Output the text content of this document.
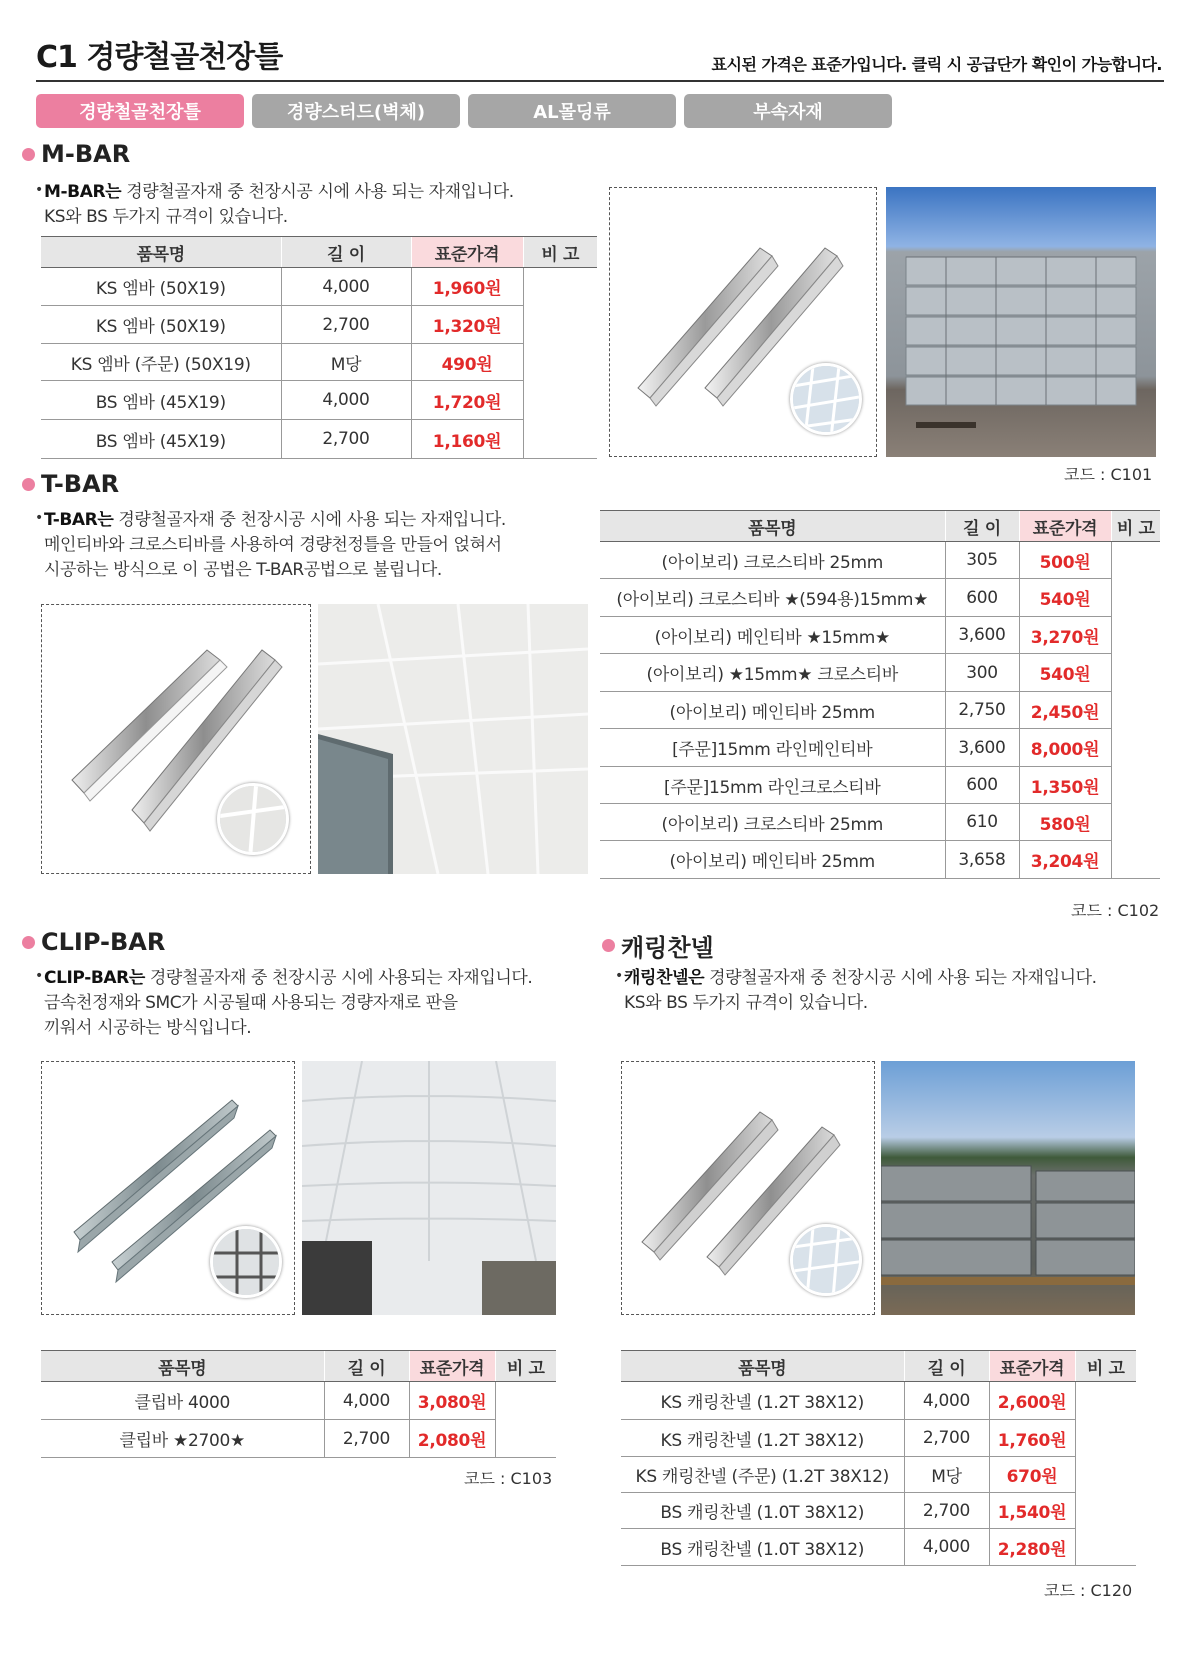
C1 경량철골천장틀	표시된 가격은 표준가입니다. 클릭 시 공급단가 확인이 가능합니다.
경량철골천장틀	경량스터드(벽체)	AL몰딩류	부속자재
M-BAR
• M-BAR는 경량철골자재 중 천장시공 시에 사용 되는 자재입니다.
KS와 BS 두가지 규격이 있습니다.
품목명	길 이	표준가격	비 고
KS 엠바 (50X19)	4,000	1,960원	
KS 엠바 (50X19)	2,700	1,320원	
KS 엠바 (주문) (50X19)	M당	490원	
BS 엠바 (45X19)	4,000	1,720원	
BS 엠바 (45X19)	2,700	1,160원	
코드 : C101
T-BAR
• T-BAR는 경량철골자재 중 천장시공 시에 사용 되는 자재입니다.
메인티바와 크로스티바를 사용하여 경량천정틀을 만들어 얹혀서
시공하는 방식으로 이 공법은 T-BAR공법으로 불립니다.
품목명	길 이	표준가격	비 고
(아이보리) 크로스티바 25mm	305	500원	
(아이보리) 크로스티바 ★(594용)15mm★	600	540원	
(아이보리) 메인티바 ★15mm★	3,600	3,270원	
(아이보리) ★15mm★ 크로스티바	300	540원	
(아이보리) 메인티바 25mm	2,750	2,450원	
[주문]15mm 라인메인티바	3,600	8,000원	
[주문]15mm 라인크로스티바	600	1,350원	
(아이보리) 크로스티바 25mm	610	580원	
(아이보리) 메인티바 25mm	3,658	3,204원	
코드 : C102
CLIP-BAR
• CLIP-BAR는 경량철골자재 중 천장시공 시에 사용되는 자재입니다.
금속천정재와 SMC가 시공될때 사용되는 경량자재로 판을
끼워서 시공하는 방식입니다.
품목명	길 이	표준가격	비 고
클립바 4000	4,000	3,080원	
클립바 ★2700★	2,700	2,080원	
코드 : C103
캐링찬넬
• 캐링찬넬은 경량철골자재 중 천장시공 시에 사용 되는 자재입니다.
KS와 BS 두가지 규격이 있습니다.
품목명	길 이	표준가격	비 고
KS 캐링찬넬 (1.2T 38X12)	4,000	2,600원	
KS 캐링찬넬 (1.2T 38X12)	2,700	1,760원	
KS 캐링찬넬 (주문) (1.2T 38X12)	M당	670원	
BS 캐링찬넬 (1.0T 38X12)	2,700	1,540원	
BS 캐링찬넬 (1.0T 38X12)	4,000	2,280원	
코드 : C120
